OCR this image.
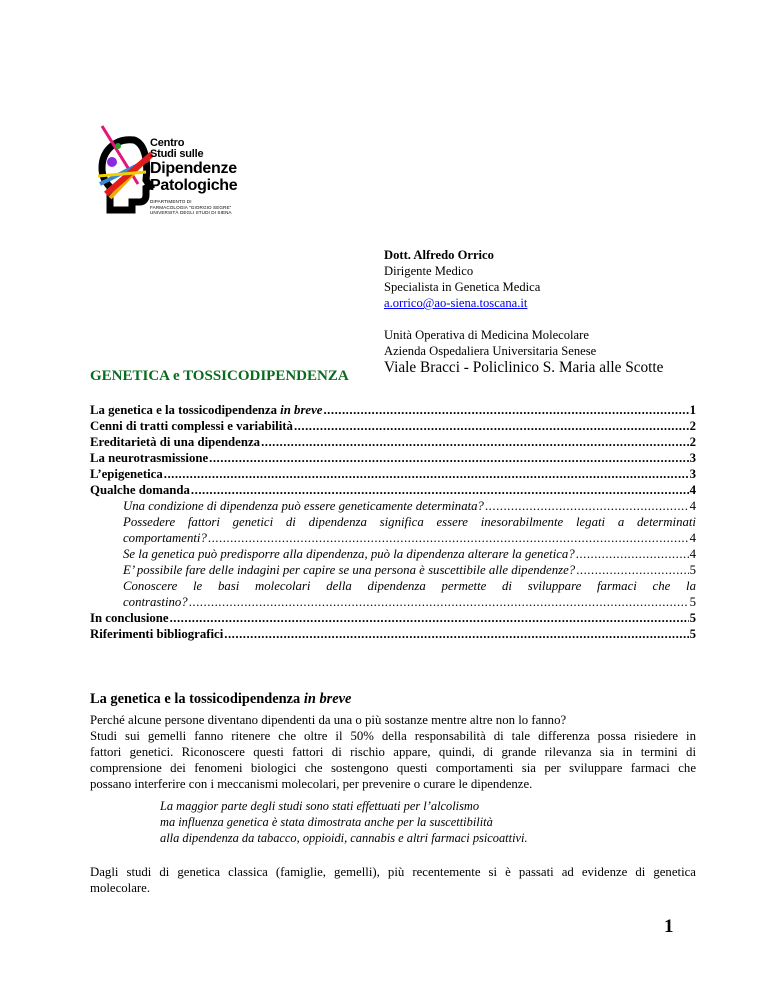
Centro
Studi sulle
Dipendenze
Patologiche
DIPARTIMENTO DI
FARMACOLOGIA "GIORGIO SEGRE"
UNIVERSITÀ DEGLI STUDI DI SIENA
Dott. Alfredo Orrico
Dirigente Medico
Specialista in Genetica Medica
a.orrico@ao-siena.toscana.it
Unità Operativa di Medicina Molecolare
Azienda Ospedaliera Universitaria Senese
Viale Bracci - Policlinico S. Maria alle Scotte
GENETICA e TOSSICODIPENDENZA
La genetica e la tossicodipendenza in breve .....	1
Cenni di tratti complessi e variabilità .....	2
Ereditarietà di una dipendenza .....	2
La neurotrasmissione .....	3
L’epigenetica .....	3
Qualche domanda .....	4
Una condizione di dipendenza può essere geneticamente determinata? .....	4
Possedere fattori genetici di dipendenza significa essere inesorabilmente legati a determinati
comportamenti? .....	4
Se la genetica può predisporre alla dipendenza, può la dipendenza alterare la genetica? .....	4
E’ possibile fare delle indagini per capire se una persona è suscettibile alle dipendenze? .....	5
Conoscere le basi molecolari della dipendenza permette di sviluppare farmaci che la
contrastino? .....	5
In conclusione .....	5
Riferimenti bibliografici .....	5
La genetica e la tossicodipendenza in breve
Perché alcune persone diventano dipendenti da una o più sostanze mentre altre non lo fanno?
Studi sui gemelli fanno ritenere che oltre il 50% della responsabilità di tale differenza possa risiedere in
fattori genetici. Riconoscere questi fattori di rischio appare, quindi, di grande rilevanza sia in termini di
comprensione dei fenomeni biologici che sostengono questi comportamenti sia per sviluppare farmaci che
possano interferire con i meccanismi molecolari, per prevenire o curare le dipendenze.
La maggior parte degli studi sono stati effettuati per l’alcolismo
ma influenza genetica è stata dimostrata anche per la suscettibilità
alla dipendenza da tabacco, oppioidi, cannabis e altri farmaci psicoattivi.
Dagli studi di genetica classica (famiglie, gemelli), più recentemente si è passati ad evidenze di genetica
molecolare.
1
